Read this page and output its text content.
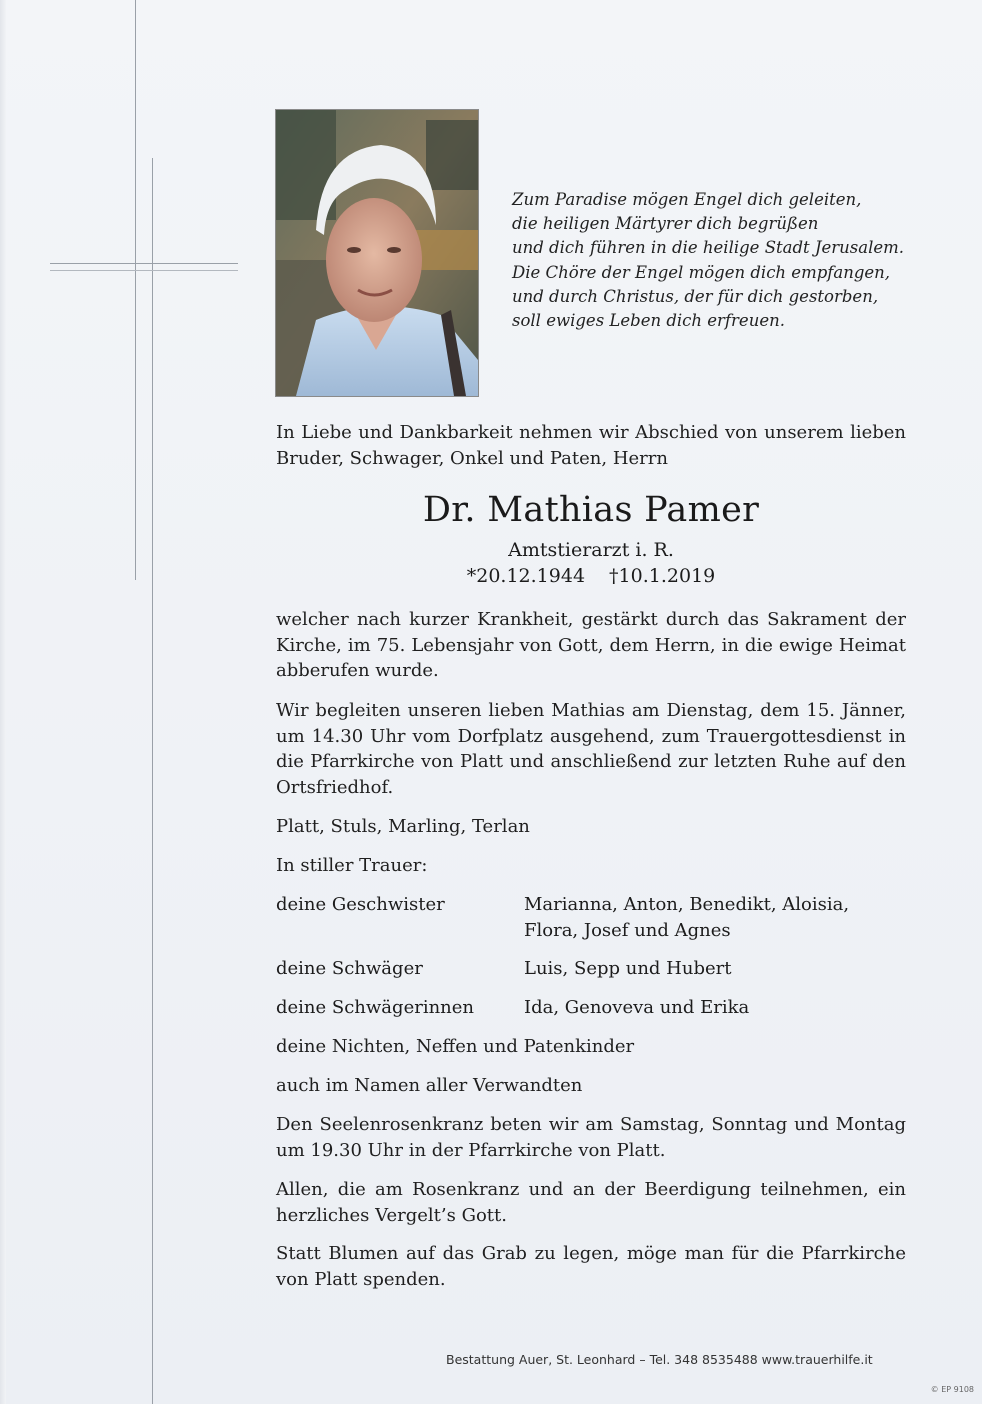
Zum Paradise mögen Engel dich geleiten,
die heiligen Märtyrer dich begrüßen
und dich führen in die heilige Stadt Jerusalem.
Die Chöre der Engel mögen dich empfangen,
und durch Christus, der für dich gestorben,
soll ewiges Leben dich erfreuen.
In Liebe und Dankbarkeit nehmen wir Abschied von unserem lieben Bruder, Schwager, Onkel und Paten, Herrn
Dr. Mathias Pamer
Amtstierarzt i. R.
*20.12.1944 †10.1.2019
welcher nach kurzer Krankheit, gestärkt durch das Sakrament der Kirche, im 75. Lebensjahr von Gott, dem Herrn, in die ewige Heimat abberufen wurde.
Wir begleiten unseren lieben Mathias am Dienstag, dem 15. Jänner, um 14.30 Uhr vom Dorfplatz ausgehend, zum Trauergottesdienst in die Pfarrkirche von Platt und anschließend zur letzten Ruhe auf den Ortsfriedhof.
Platt, Stuls, Marling, Terlan
In stiller Trauer:
deine Geschwister	Marianna, Anton, Benedikt, Aloisia, Flora, Josef und Agnes
deine Schwäger	Luis, Sepp und Hubert
deine Schwägerinnen	Ida, Genoveva und Erika
deine Nichten, Neffen und Patenkinder
auch im Namen aller Verwandten
Den Seelenrosenkranz beten wir am Samstag, Sonntag und Montag um 19.30 Uhr in der Pfarrkirche von Platt.
Allen, die am Rosenkranz und an der Beerdigung teilnehmen, ein herzliches Vergelt’s Gott.
Statt Blumen auf das Grab zu legen, möge man für die Pfarrkirche von Platt spenden.
Bestattung Auer, St. Leonhard – Tel. 348 8535488 www.trauerhilfe.it
© EP 9108
